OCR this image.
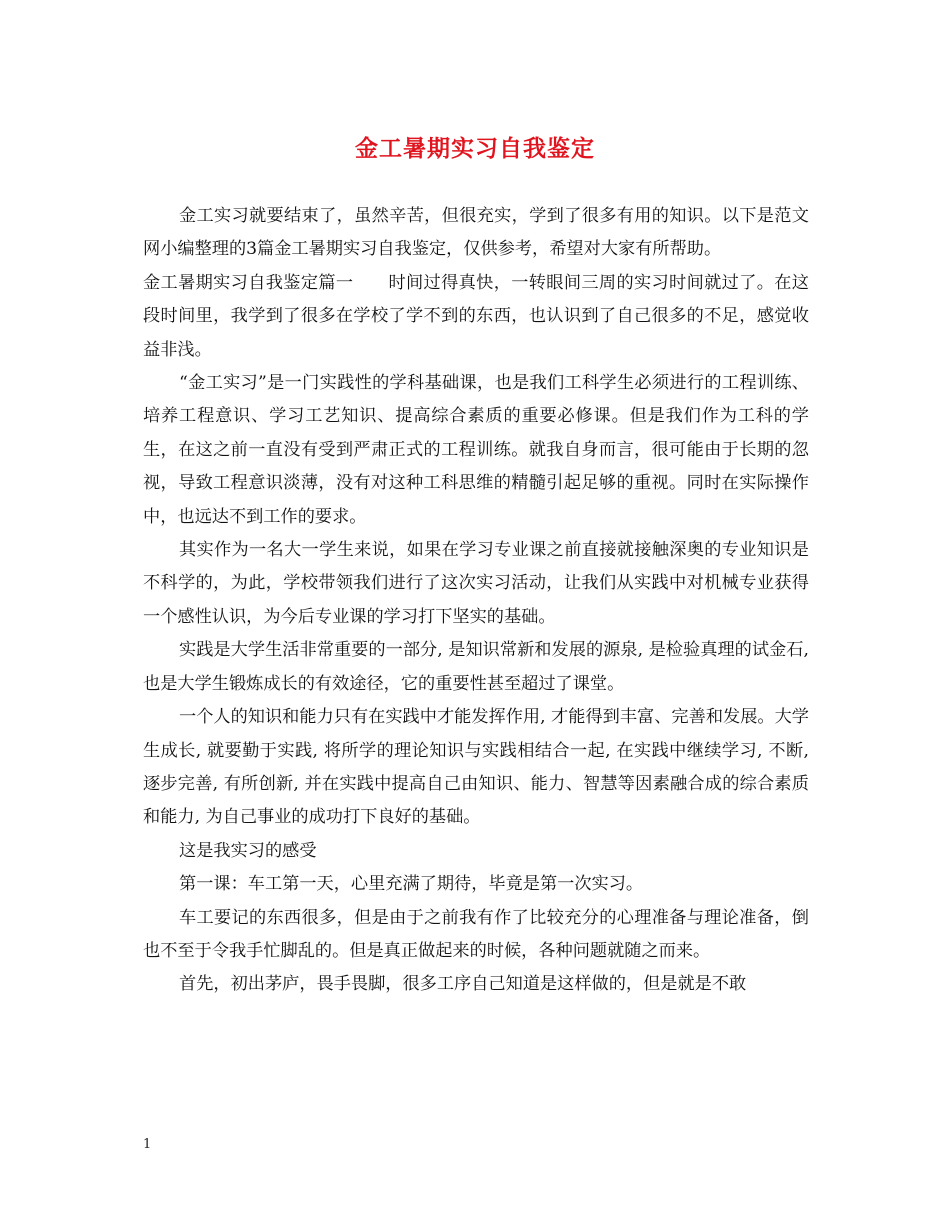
金工暑期实习自我鉴定

金工实习就要结束了，虽然辛苦，但很充实，学到了很多有用的知识。以下是范文网小编整理的3篇金工暑期实习自我鉴定，仅供参考，希望对大家有所帮助。

金工暑期实习自我鉴定篇一　　时间过得真快，一转眼间三周的实习时间就过了。在这段时间里，我学到了很多在学校了学不到的东西，也认识到了自己很多的不足，感觉收益非浅。

“金工实习”是一门实践性的学科基础课，也是我们工科学生必须进行的工程训练、培养工程意识、学习工艺知识、提高综合素质的重要必修课。但是我们作为工科的学生，在这之前一直没有受到严肃正式的工程训练。就我自身而言，很可能由于长期的忽视，导致工程意识淡薄，没有对这种工科思维的精髓引起足够的重视。同时在实际操作中，也远达不到工作的要求。

其实作为一名大一学生来说，如果在学习专业课之前直接就接触深奥的专业知识是不科学的，为此，学校带领我们进行了这次实习活动，让我们从实践中对机械专业获得一个感性认识，为今后专业课的学习打下坚实的基础。

实践是大学生活非常重要的一部分, 是知识常新和发展的源泉, 是检验真理的试金石, 也是大学生锻炼成长的有效途径，它的重要性甚至超过了课堂。

一个人的知识和能力只有在实践中才能发挥作用, 才能得到丰富、完善和发展。大学生成长, 就要勤于实践, 将所学的理论知识与实践相结合一起, 在实践中继续学习, 不断, 逐步完善, 有所创新, 并在实践中提高自己由知识、能力、智慧等因素融合成的综合素质和能力, 为自己事业的成功打下良好的基础。

这是我实习的感受

第一课：车工第一天，心里充满了期待，毕竟是第一次实习。

车工要记的东西很多，但是由于之前我有作了比较充分的心理准备与理论准备，倒也不至于令我手忙脚乱的。但是真正做起来的时候，各种问题就随之而来。

首先，初出茅庐，畏手畏脚，很多工序自己知道是这样做的，但是就是不敢

1
